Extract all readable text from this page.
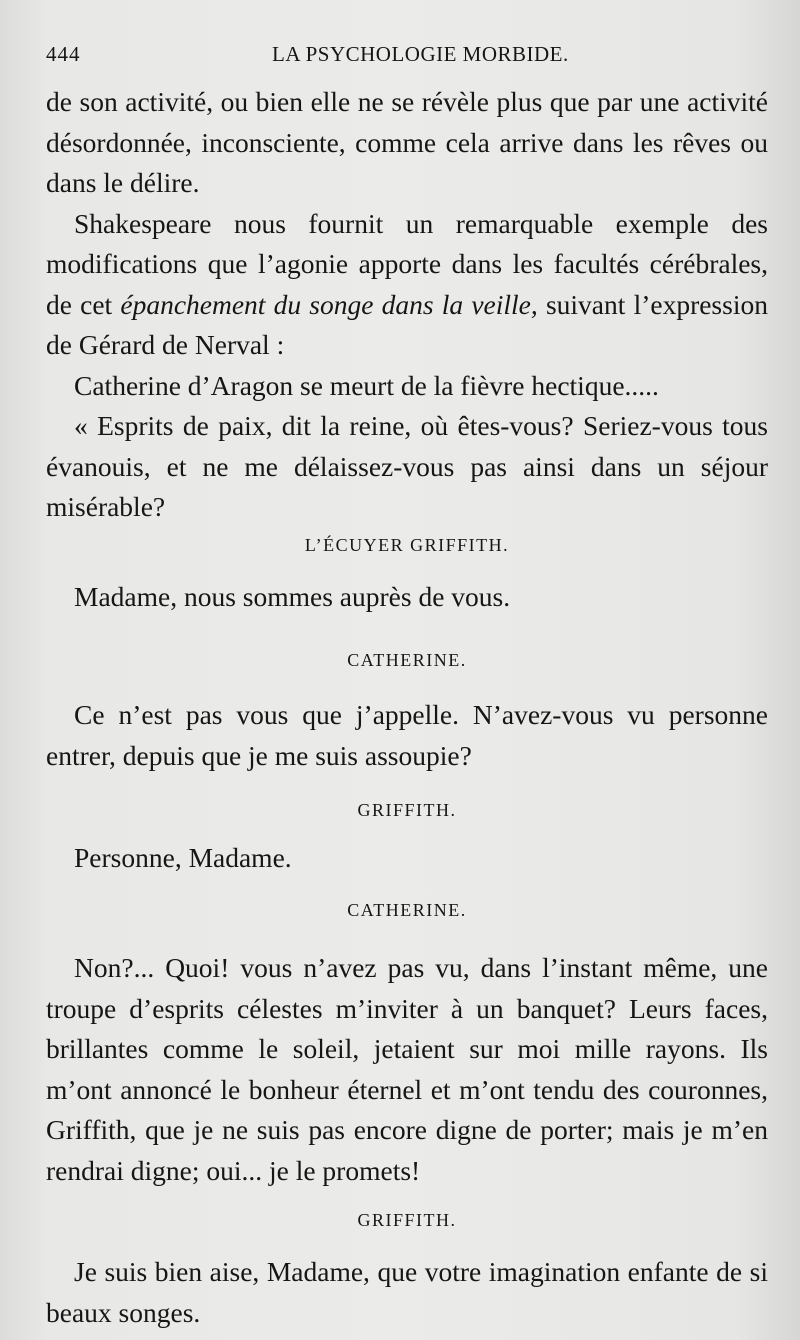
444	LA PSYCHOLOGIE MORBIDE.

de son activité, ou bien elle ne se révèle plus que par une activité désordonnée, inconsciente, comme cela arrive dans les rêves ou dans le délire.

Shakespeare nous fournit un remarquable exemple des modifications que l’agonie apporte dans les facultés cérébrales, de cet épanchement du songe dans la veille, suivant l’expression de Gérard de Nerval :

Catherine d’Aragon se meurt de la fièvre hectique.....

« Esprits de paix, dit la reine, où êtes-vous? Seriez-vous tous évanouis, et ne me délaissez-vous pas ainsi dans un séjour misérable?

L’ÉCUYER GRIFFITH.

Madame, nous sommes auprès de vous.

CATHERINE.

Ce n’est pas vous que j’appelle. N’avez-vous vu personne entrer, depuis que je me suis assoupie?

GRIFFITH.

Personne, Madame.

CATHERINE.

Non?... Quoi! vous n’avez pas vu, dans l’instant même, une troupe d’esprits célestes m’inviter à un banquet? Leurs faces, brillantes comme le soleil, jetaient sur moi mille rayons. Ils m’ont annoncé le bonheur éternel et m’ont tendu des couronnes, Griffith, que je ne suis pas encore digne de porter; mais je m’en rendrai digne; oui... je le promets!

GRIFFITH.

Je suis bien aise, Madame, que votre imagination enfante de si beaux songes.
